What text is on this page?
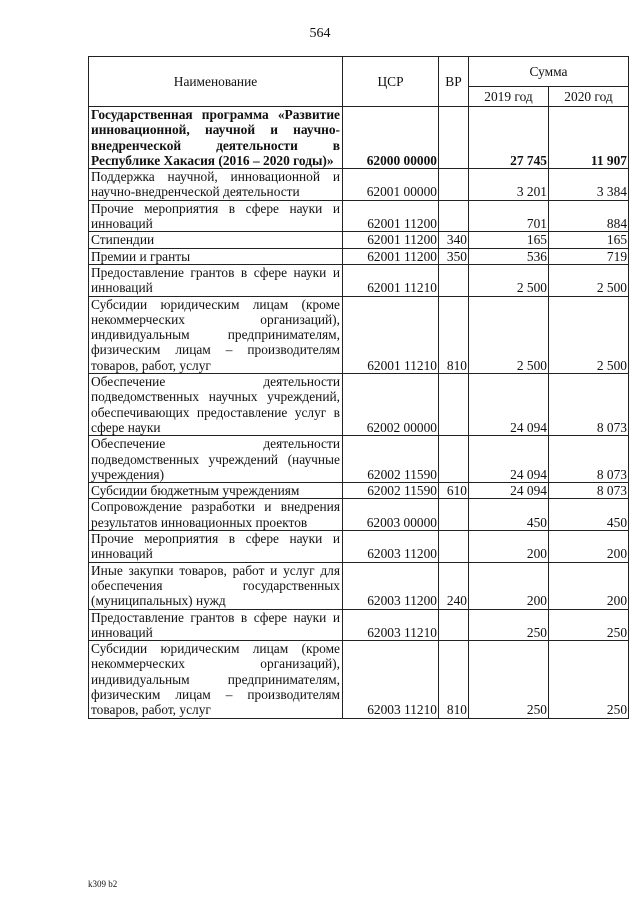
564
Наименование	ЦСР	ВР	Сумма	
			2019 год	2020 год
Государственная программа «Развитие инновационной, научной и научно-внедренческой деятельности в Республике Хакасия (2016 – 2020 годы)»	62000 00000		27 745	11 907
Поддержка научной, инновационной и научно-внедренческой деятельности	62001 00000		3 201	3 384
Прочие мероприятия в сфере науки и инноваций	62001 11200		701	884
Стипендии	62001 11200	340	165	165
Премии и гранты	62001 11200	350	536	719
Предоставление грантов в сфере науки и инноваций	62001 11210		2 500	2 500
Субсидии юридическим лицам (кроме некоммерческих организаций), индивидуальным предпринимателям, физическим лицам – производителям товаров, работ, услуг	62001 11210	810	2 500	2 500
Обеспечение деятельности подведомственных научных учреждений, обеспечивающих предоставление услуг в сфере науки	62002 00000		24 094	8 073
Обеспечение деятельности подведомственных учреждений (научные учреждения)	62002 11590		24 094	8 073
Субсидии бюджетным учреждениям	62002 11590	610	24 094	8 073
Сопровождение разработки и внедрения результатов инновационных проектов	62003 00000		450	450
Прочие мероприятия в сфере науки и инноваций	62003 11200		200	200
Иные закупки товаров, работ и услуг для обеспечения государственных (муниципальных) нужд	62003 11200	240	200	200
Предоставление грантов в сфере науки и инноваций	62003 11210		250	250
Субсидии юридическим лицам (кроме некоммерческих организаций), индивидуальным предпринимателям, физическим лицам – производителям товаров, работ, услуг	62003 11210	810	250	250
k309 b2
